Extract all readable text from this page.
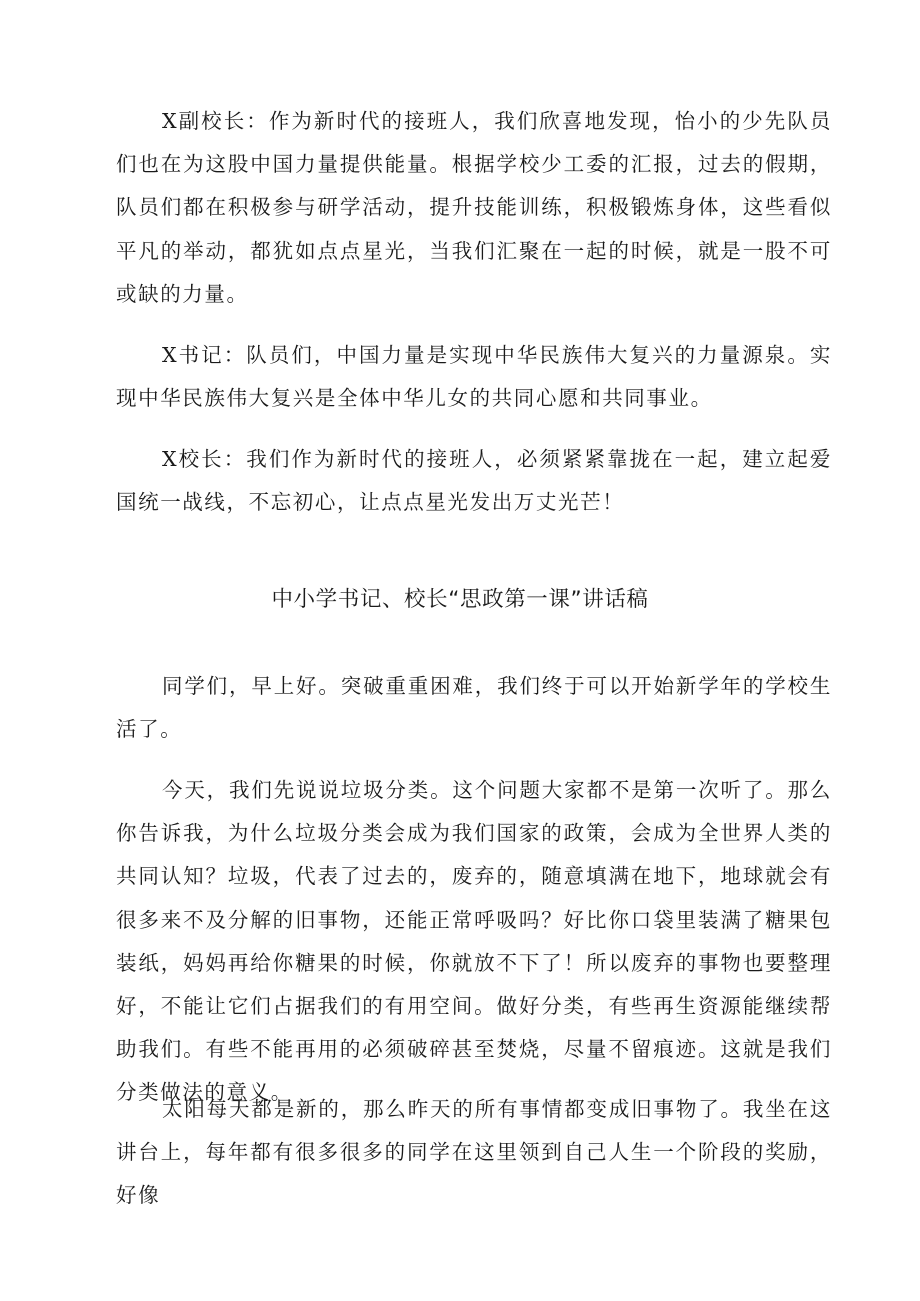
X副校长：作为新时代的接班人，我们欣喜地发现，怡小的少先队员们也在为这股中国力量提供能量。根据学校少工委的汇报，过去的假期，队员们都在积极参与研学活动，提升技能训练，积极锻炼身体，这些看似平凡的举动，都犹如点点星光，当我们汇聚在一起的时候，就是一股不可或缺的力量。

X书记：队员们，中国力量是实现中华民族伟大复兴的力量源泉。实现中华民族伟大复兴是全体中华儿女的共同心愿和共同事业。

X校长：我们作为新时代的接班人，必须紧紧靠拢在一起，建立起爱国统一战线，不忘初心，让点点星光发出万丈光芒！

中小学书记、校长“思政第一课”讲话稿

同学们，早上好。突破重重困难，我们终于可以开始新学年的学校生活了。

今天，我们先说说垃圾分类。这个问题大家都不是第一次听了。那么你告诉我，为什么垃圾分类会成为我们国家的政策，会成为全世界人类的共同认知？垃圾，代表了过去的，废弃的，随意填满在地下，地球就会有很多来不及分解的旧事物，还能正常呼吸吗？好比你口袋里装满了糖果包装纸，妈妈再给你糖果的时候，你就放不下了！所以废弃的事物也要整理好，不能让它们占据我们的有用空间。做好分类，有些再生资源能继续帮助我们。有些不能再用的必须破碎甚至焚烧，尽量不留痕迹。这就是我们分类做法的意义。

太阳每天都是新的，那么昨天的所有事情都变成旧事物了。我坐在这讲台上，每年都有很多很多的同学在这里领到自己人生一个阶段的奖励，好像
